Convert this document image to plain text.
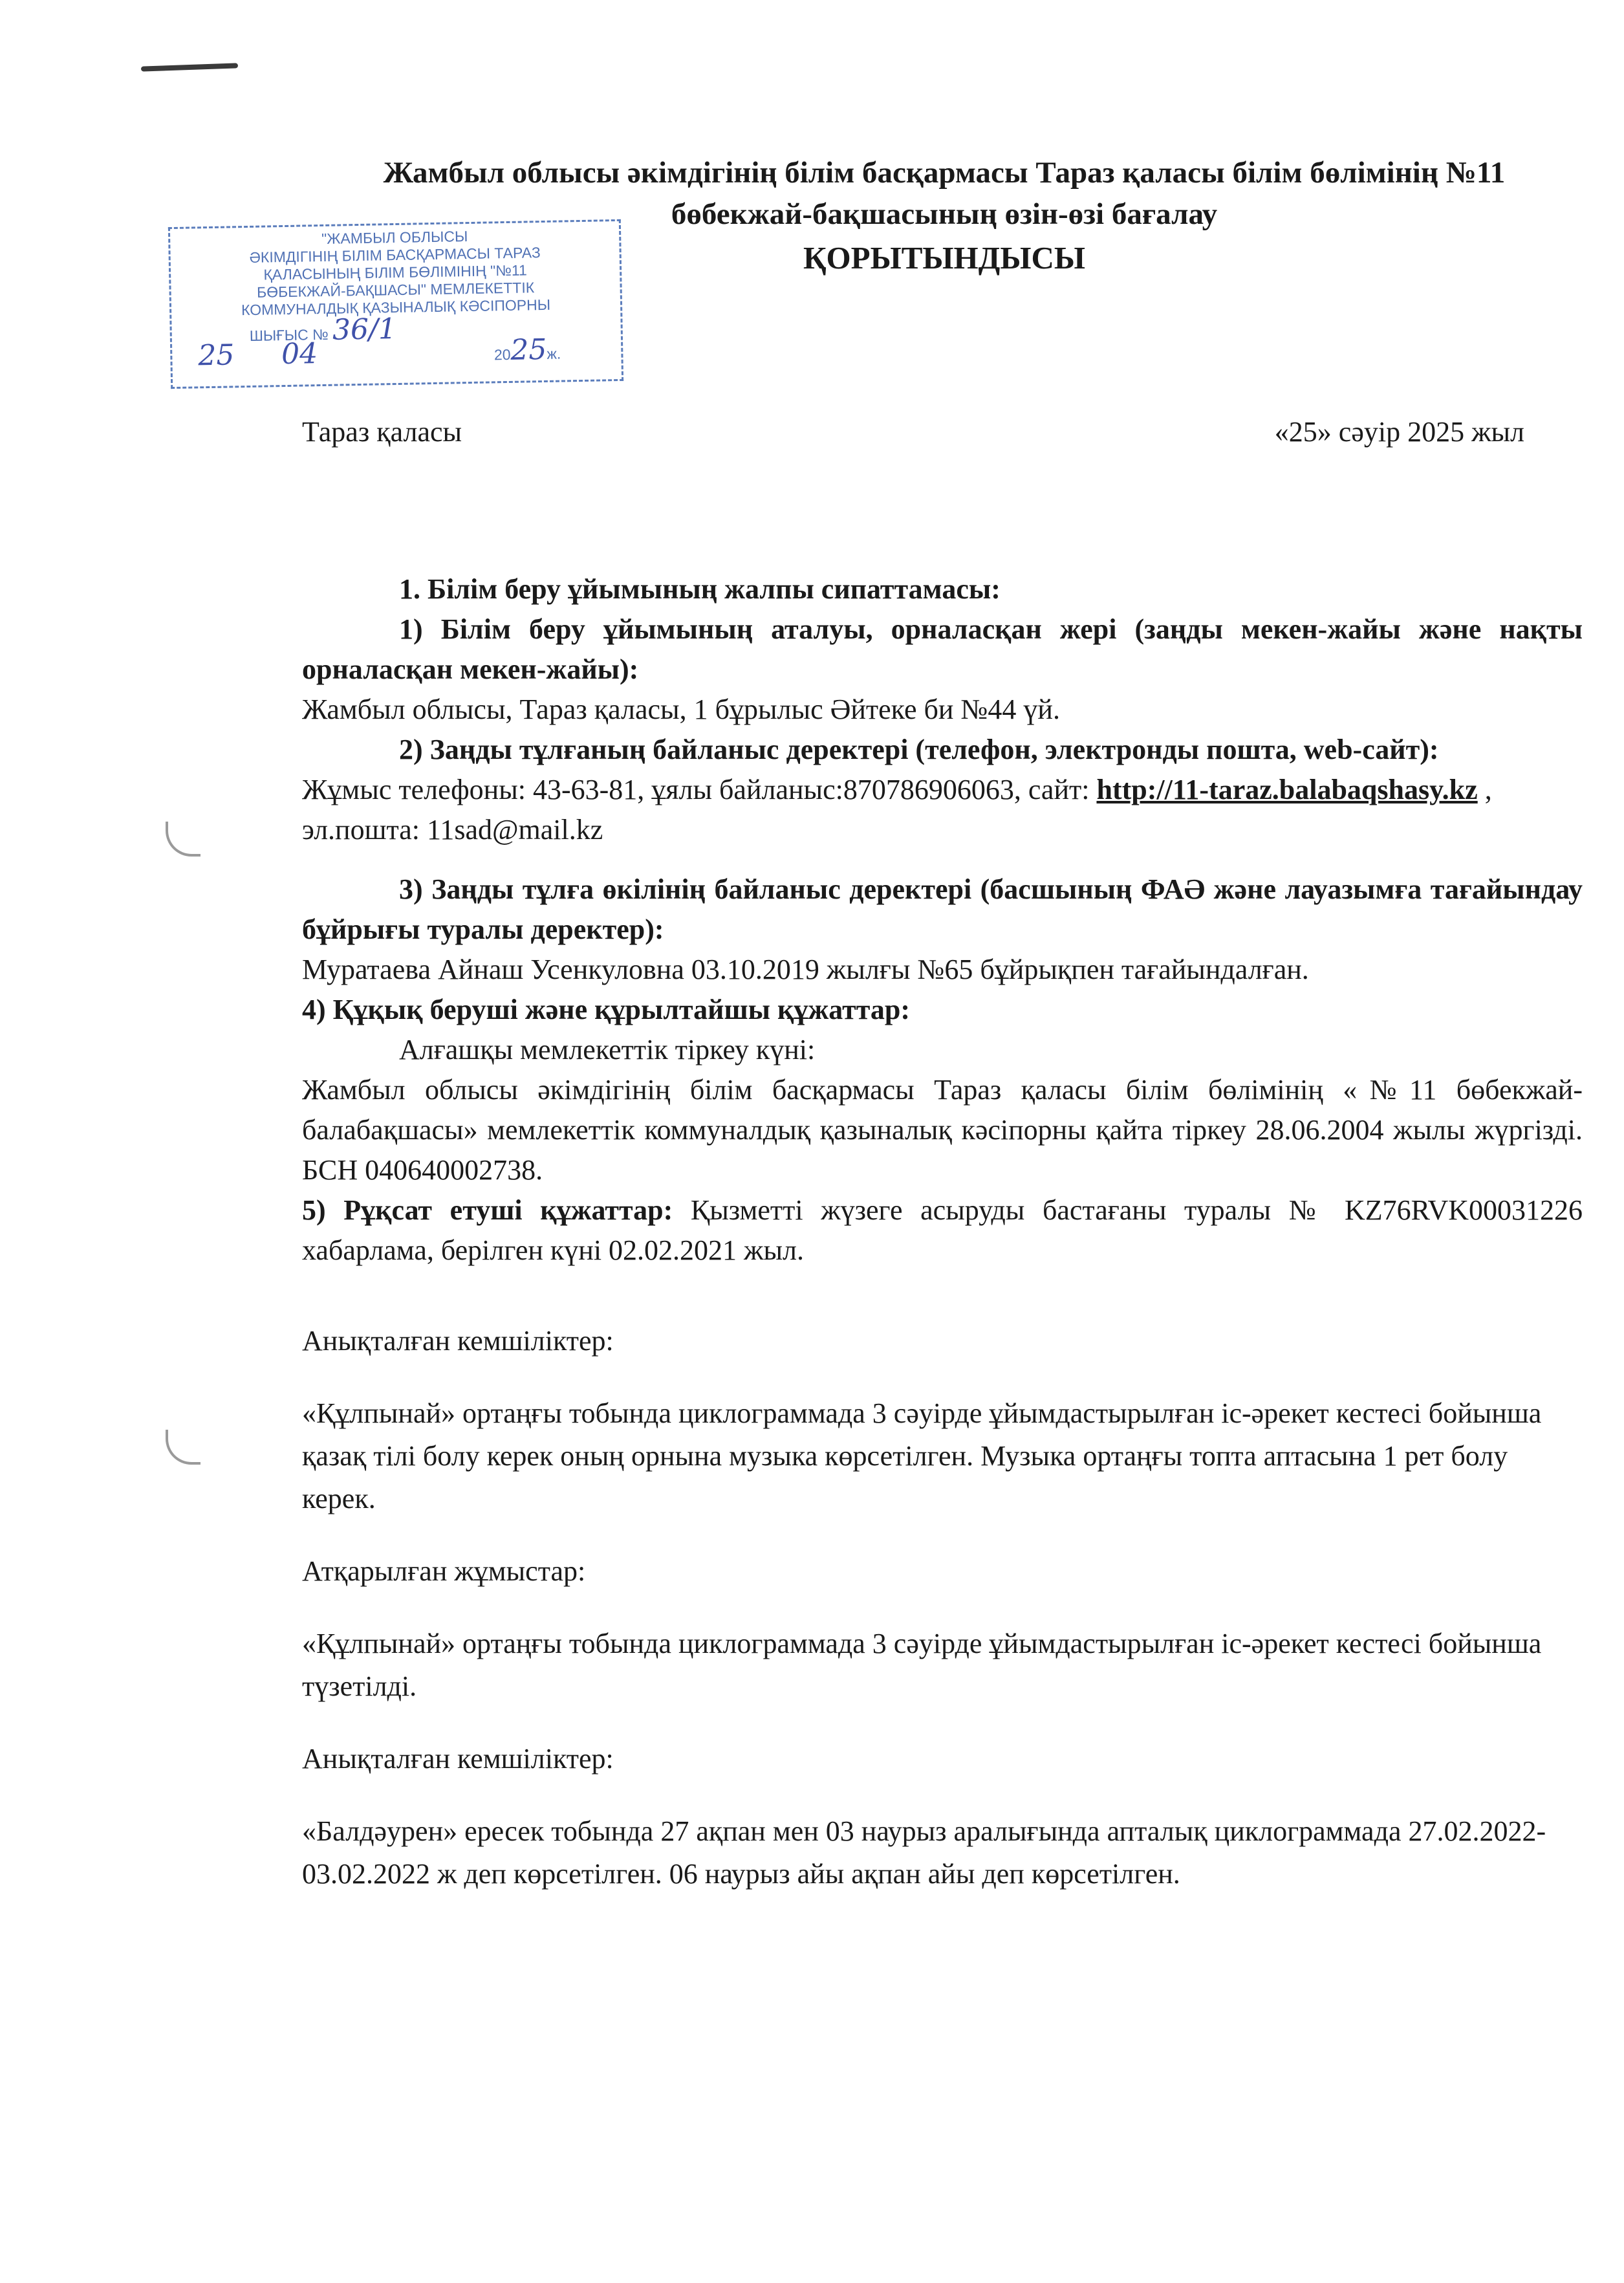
Жамбыл облысы әкімдігінің білім басқармасы Тараз қаласы білім бөлімінің №11 бөбекжай-бақшасының өзін-өзі бағалау
ҚОРЫТЫНДЫСЫ
"ЖАМБЫЛ ОБЛЫСЫ
ӘКІМДІГІНІҢ БІЛІМ БАСҚАРМАСЫ ТАРАЗ
ҚАЛАСЫНЫҢ БІЛІМ БӨЛІМІНІҢ "№11
БӨБЕКЖАЙ-БАҚШАСЫ" МЕМЛЕКЕТТІК
КОММУНАЛДЫҚ ҚАЗЫНАЛЫҚ КӘСІПОРНЫ
ШЫҒЫС № 36/1
25 04	2025ж.
Тараз қаласы	«25» сәуір 2025 жыл

1. Білім беру ұйымының жалпы сипаттамасы:

1) Білім беру ұйымының аталуы, орналасқан жері (заңды мекен-жайы және нақты орналасқан мекен-жайы):

Жамбыл облысы, Тараз қаласы, 1 бұрылыс Әйтеке би №44 үй.

2) Заңды тұлғаның байланыс деректері (телефон, электронды пошта, web-сайт):

Жұмыс телефоны: 43-63-81, ұялы байланыс:870786906063, сайт: http://11-taraz.balabaqshasy.kz , эл.пошта: 11sad@mail.kz

3) Заңды тұлға өкілінің байланыс деректері (басшының ФАӘ және лауазымға тағайындау бұйрығы туралы деректер):

Муратаева Айнаш Усенкуловна 03.10.2019 жылғы №65 бұйрықпен тағайындалған.

4) Құқық беруші және құрылтайшы құжаттар:

Алғашқы мемлекеттік тіркеу күні:

Жамбыл облысы әкімдігінің білім басқармасы Тараз қаласы білім бөлімінің «№11 бөбекжай-балабақшасы» мемлекеттік коммуналдық қазыналық кәсіпорны қайта тіркеу 28.06.2004 жылы жүргізді. БСН 040640002738.

5) Рұқсат етуші құжаттар: Қызметті жүзеге асыруды бастағаны туралы № KZ76RVK00031226 хабарлама, берілген күні 02.02.2021 жыл.

Анықталған кемшіліктер:

«Құлпынай» ортаңғы тобында циклограммада 3 сәуірде ұйымдастырылған іс-әрекет кестесі бойынша қазақ тілі болу керек оның орнына музыка көрсетілген. Музыка ортаңғы топта аптасына 1 рет болу керек.

Атқарылған жұмыстар:

«Құлпынай» ортаңғы тобында циклограммада 3 сәуірде ұйымдастырылған іс-әрекет кестесі бойынша түзетілді.

Анықталған кемшіліктер:

«Балдәурен» ересек тобында 27 ақпан мен 03 наурыз аралығында апталық циклограммада 27.02.2022-03.02.2022 ж деп көрсетілген. 06 наурыз айы ақпан айы деп көрсетілген.
